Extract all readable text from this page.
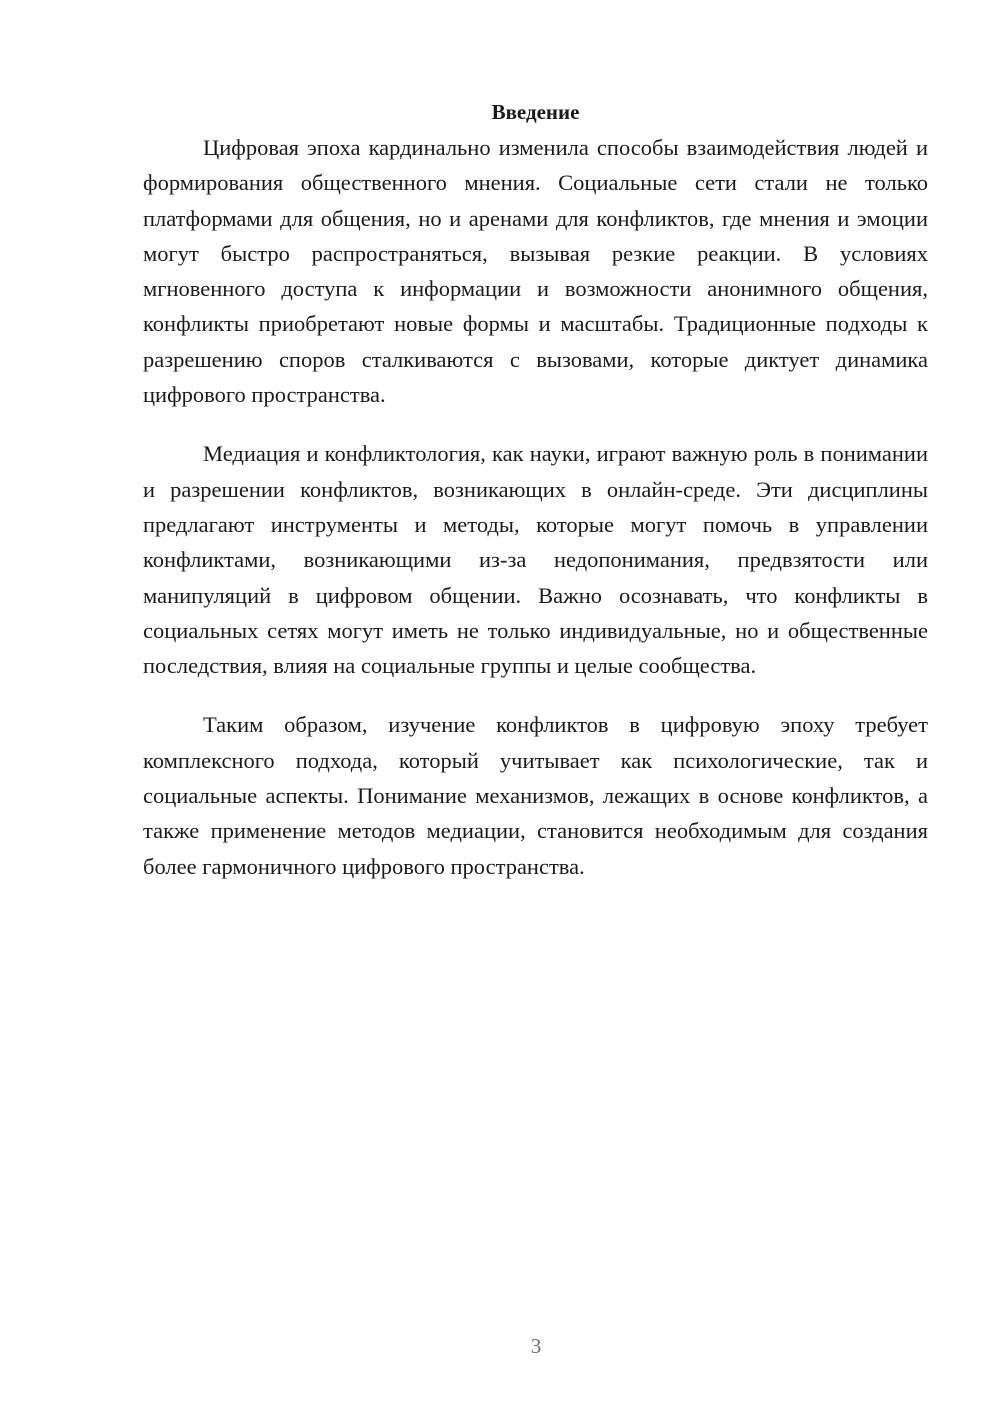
Введение

Цифровая эпоха кардинально изменила способы взаимодействия людей и формирования общественного мнения. Социальные сети стали не только платформами для общения, но и аренами для конфликтов, где мнения и эмоции могут быстро распространяться, вызывая резкие реакции. В условиях мгновенного доступа к информации и возможности анонимного общения, конфликты приобретают новые формы и масштабы. Традиционные подходы к разрешению споров сталкиваются с вызовами, которые диктует динамика цифрового пространства.

Медиация и конфликтология, как науки, играют важную роль в понимании и разрешении конфликтов, возникающих в онлайн-среде. Эти дисциплины предлагают инструменты и методы, которые могут помочь в управлении конфликтами, возникающими из-за недопонимания, предвзятости или манипуляций в цифровом общении. Важно осознавать, что конфликты в социальных сетях могут иметь не только индивидуальные, но и общественные последствия, влияя на социальные группы и целые сообщества.

Таким образом, изучение конфликтов в цифровую эпоху требует комплексного подхода, который учитывает как психологические, так и социальные аспекты. Понимание механизмов, лежащих в основе конфликтов, а также применение методов медиации, становится необходимым для создания более гармоничного цифрового пространства.

3
